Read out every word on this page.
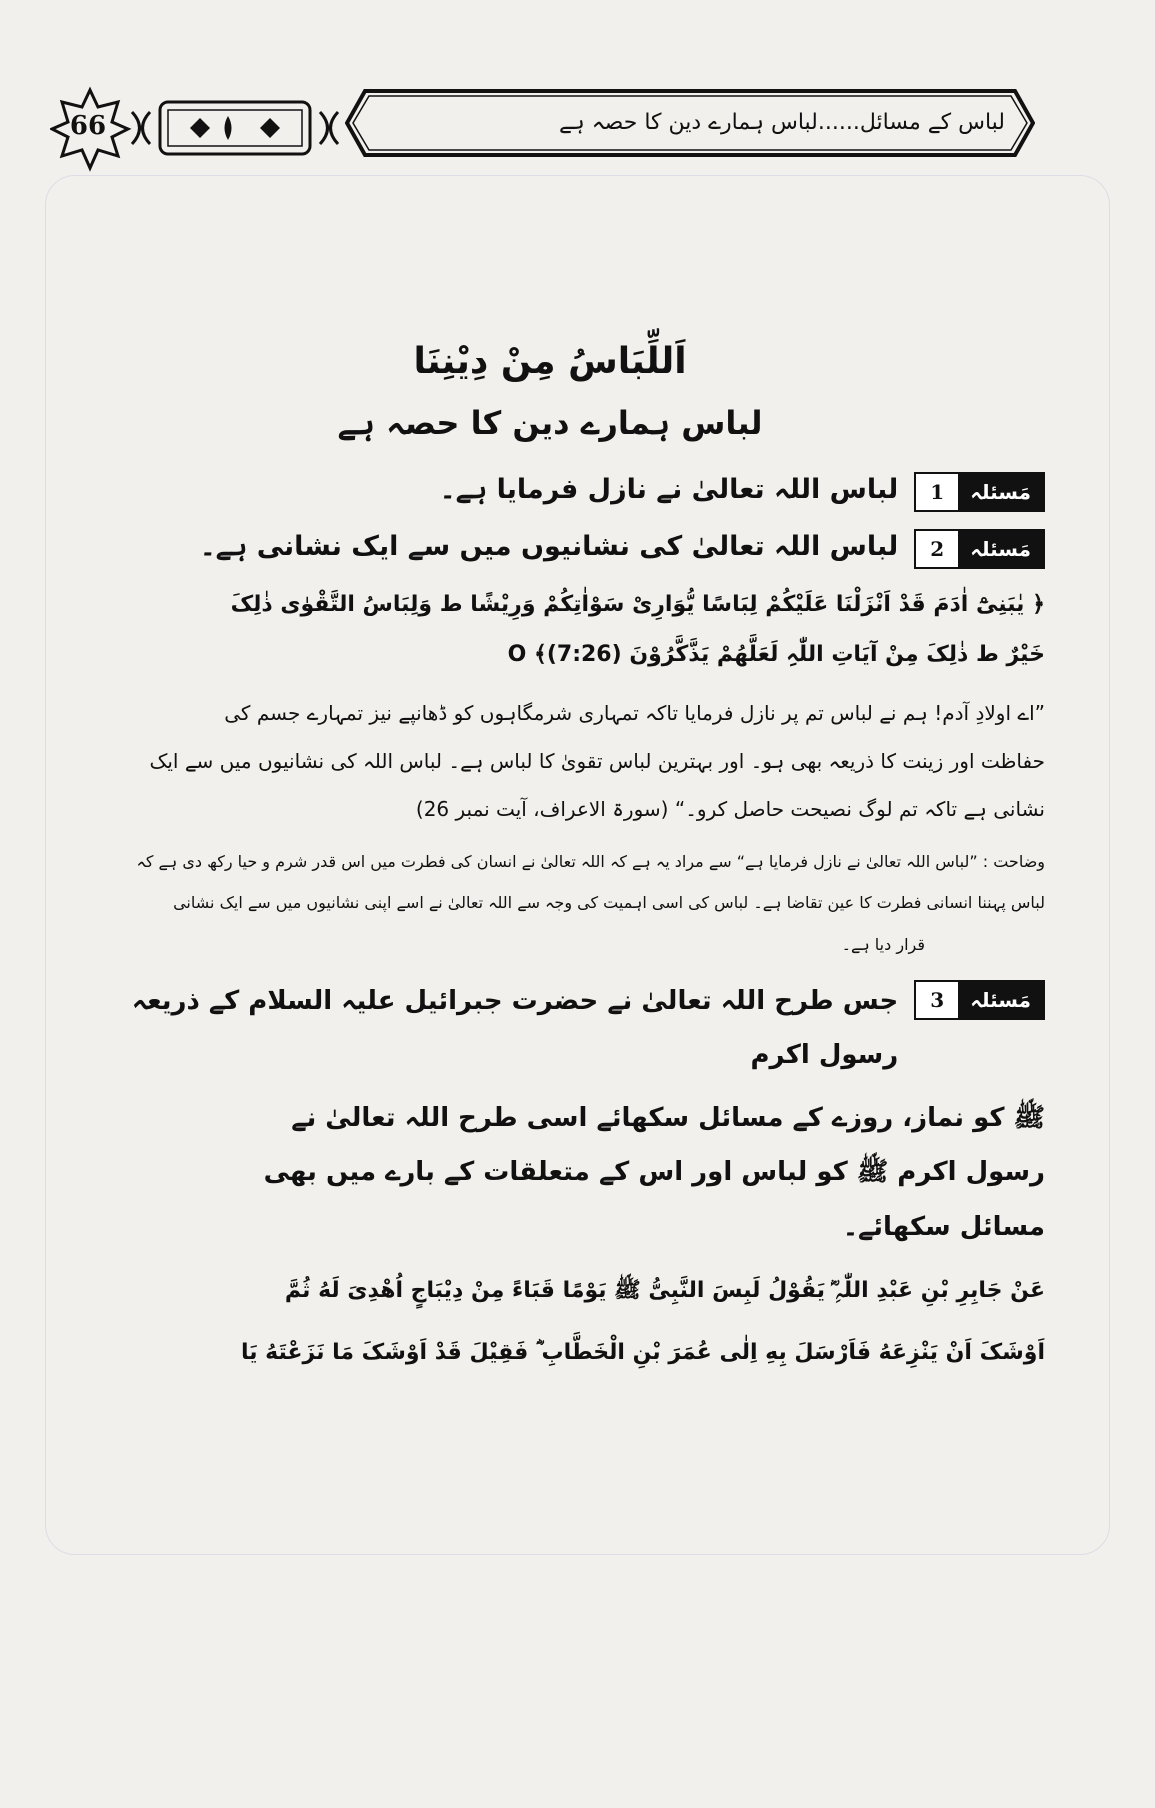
66	لباس کے مسائل......لباس ہمارے دین کا حصہ ہے
اَللِّبَاسُ مِنْ دِیْنِنَا
لباس ہمارے دین کا حصہ ہے
مَسئلہ
1
لباس اللہ تعالیٰ نے نازل فرمایا ہے۔
مَسئلہ
2
لباس اللہ تعالیٰ کی نشانیوں میں سے ایک نشانی ہے۔
﴿ یٰبَنِیْٓ اٰدَمَ قَدْ اَنْزَلْنَا عَلَیْکُمْ لِبَاسًا یُّوَارِیْ سَوْاٰتِکُمْ وَرِیْشًا ط وَلِبَاسُ التَّقْوٰی ذٰلِکَ
خَیْرٌ ط ذٰلِکَ مِنْ آیَاتِ اللّٰہِ لَعَلَّهُمْ یَذَّکَّرُوْنَ O ﴾(7:26)
”اے اولادِ آدم! ہم نے لباس تم پر نازل فرمایا تاکہ تمہاری شرمگاہوں کو ڈھانپے نیز تمہارے جسم کی
حفاظت اور زینت کا ذریعہ بھی ہو۔ اور بہترین لباس تقویٰ کا لباس ہے۔ لباس اللہ کی نشانیوں میں سے ایک
نشانی ہے تاکہ تم لوگ نصیحت حاصل کرو۔“ (سورۃ الاعراف، آیت نمبر 26)
وضاحت : ”لباس اللہ تعالیٰ نے نازل فرمایا ہے“ سے مراد یہ ہے کہ اللہ تعالیٰ نے انسان کی فطرت میں اس قدر شرم و حیا رکھ دی ہے کہ
لباس پہننا انسانی فطرت کا عین تقاضا ہے۔ لباس کی اسی اہمیت کی وجہ سے اللہ تعالیٰ نے اسے اپنی نشانیوں میں سے ایک نشانی
قرار دیا ہے۔
مَسئلہ
3
جس طرح اللہ تعالیٰ نے حضرت جبرائیل علیہ السلام کے ذریعہ رسول اکرم
ﷺ کو نماز، روزے کے مسائل سکھائے اسی طرح اللہ تعالیٰ نے
رسول اکرم ﷺ کو لباس اور اس کے متعلقات کے بارے میں بھی
مسائل سکھائے۔
عَنْ جَابِرِ بْنِ عَبْدِ اللّٰہِ ؓ یَقُوْلُ لَبِسَ النَّبِیُّ ﷺ یَوْمًا قَبَاءً مِنْ دِیْبَاجٍ اُهْدِیَ لَهُ ثُمَّ
اَوْشَکَ اَنْ یَنْزِعَهُ فَاَرْسَلَ بِهِ اِلٰی عُمَرَ بْنِ الْخَطَّابِ ؓ فَقِیْلَ قَدْ اَوْشَکَ مَا نَزَعْتَهُ یَا
